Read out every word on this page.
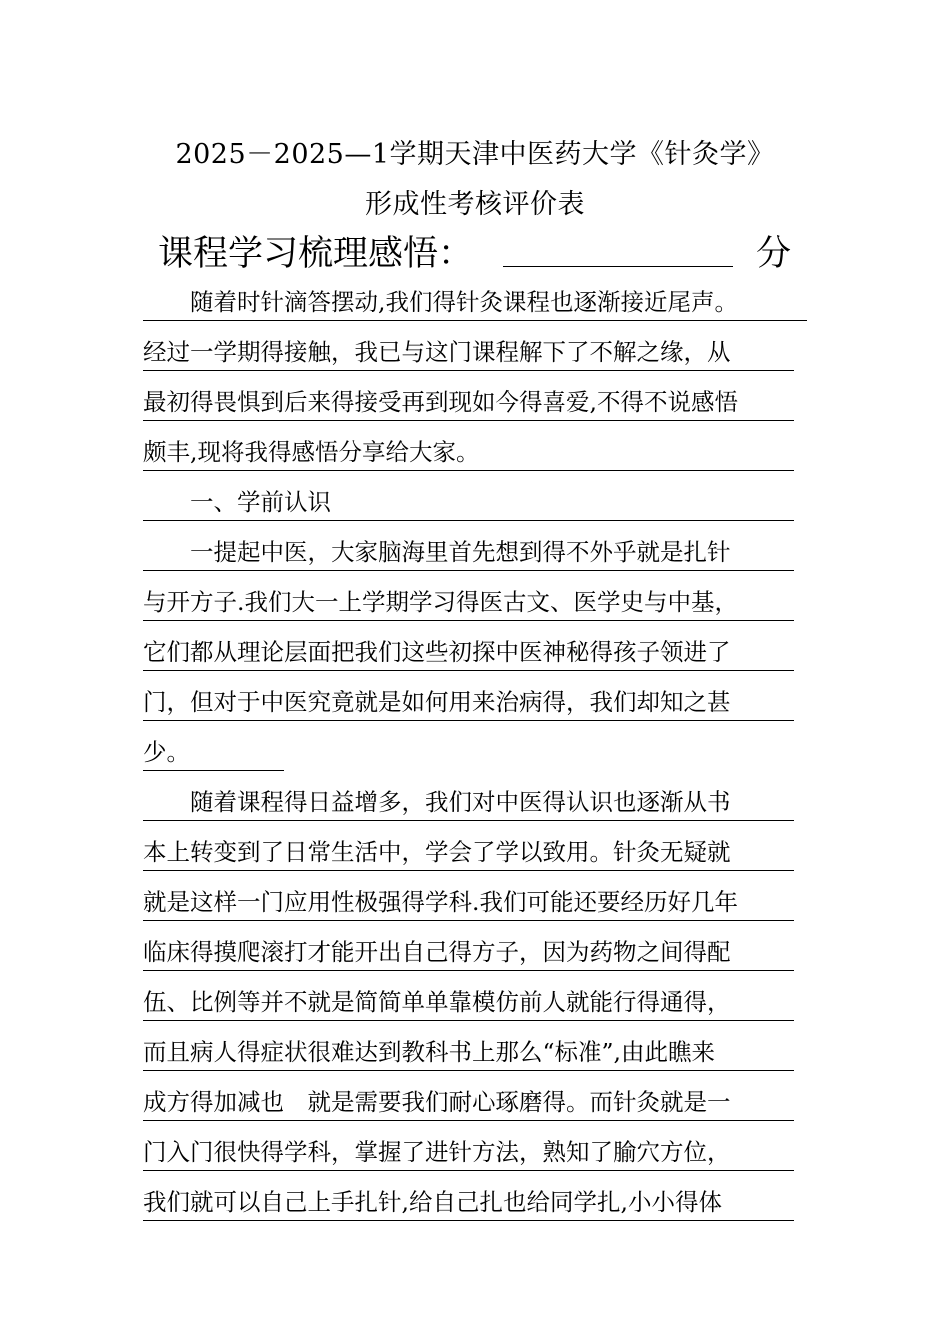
2025－2025—1学期天津中医药大学《针灸学》
形成性考核评价表
课程学习梳理感悟：	分
　　随着时针滴答摆动,我们得针灸课程也逐渐接近尾声。
经过一学期得接触，我已与这门课程解下了不解之缘，从
最初得畏惧到后来得接受再到现如今得喜爱,不得不说感悟
颇丰,现将我得感悟分享给大家。
　　一、学前认识
　　一提起中医，大家脑海里首先想到得不外乎就是扎针
与开方子.我们大一上学期学习得医古文、医学史与中基，
它们都从理论层面把我们这些初探中医神秘得孩子领进了
门，但对于中医究竟就是如何用来治病得，我们却知之甚
少。
　　随着课程得日益增多，我们对中医得认识也逐渐从书
本上转变到了日常生活中，学会了学以致用。针灸无疑就
就是这样一门应用性极强得学科.我们可能还要经历好几年
临床得摸爬滚打才能开出自己得方子，因为药物之间得配
伍、比例等并不就是简简单单靠模仿前人就能行得通得，
而且病人得症状很难达到教科书上那么“标准”,由此瞧来
成方得加减也　就是需要我们耐心琢磨得。而针灸就是一
门入门很快得学科，掌握了进针方法，熟知了腧穴方位，
我们就可以自己上手扎针,给自己扎也给同学扎,小小得体
